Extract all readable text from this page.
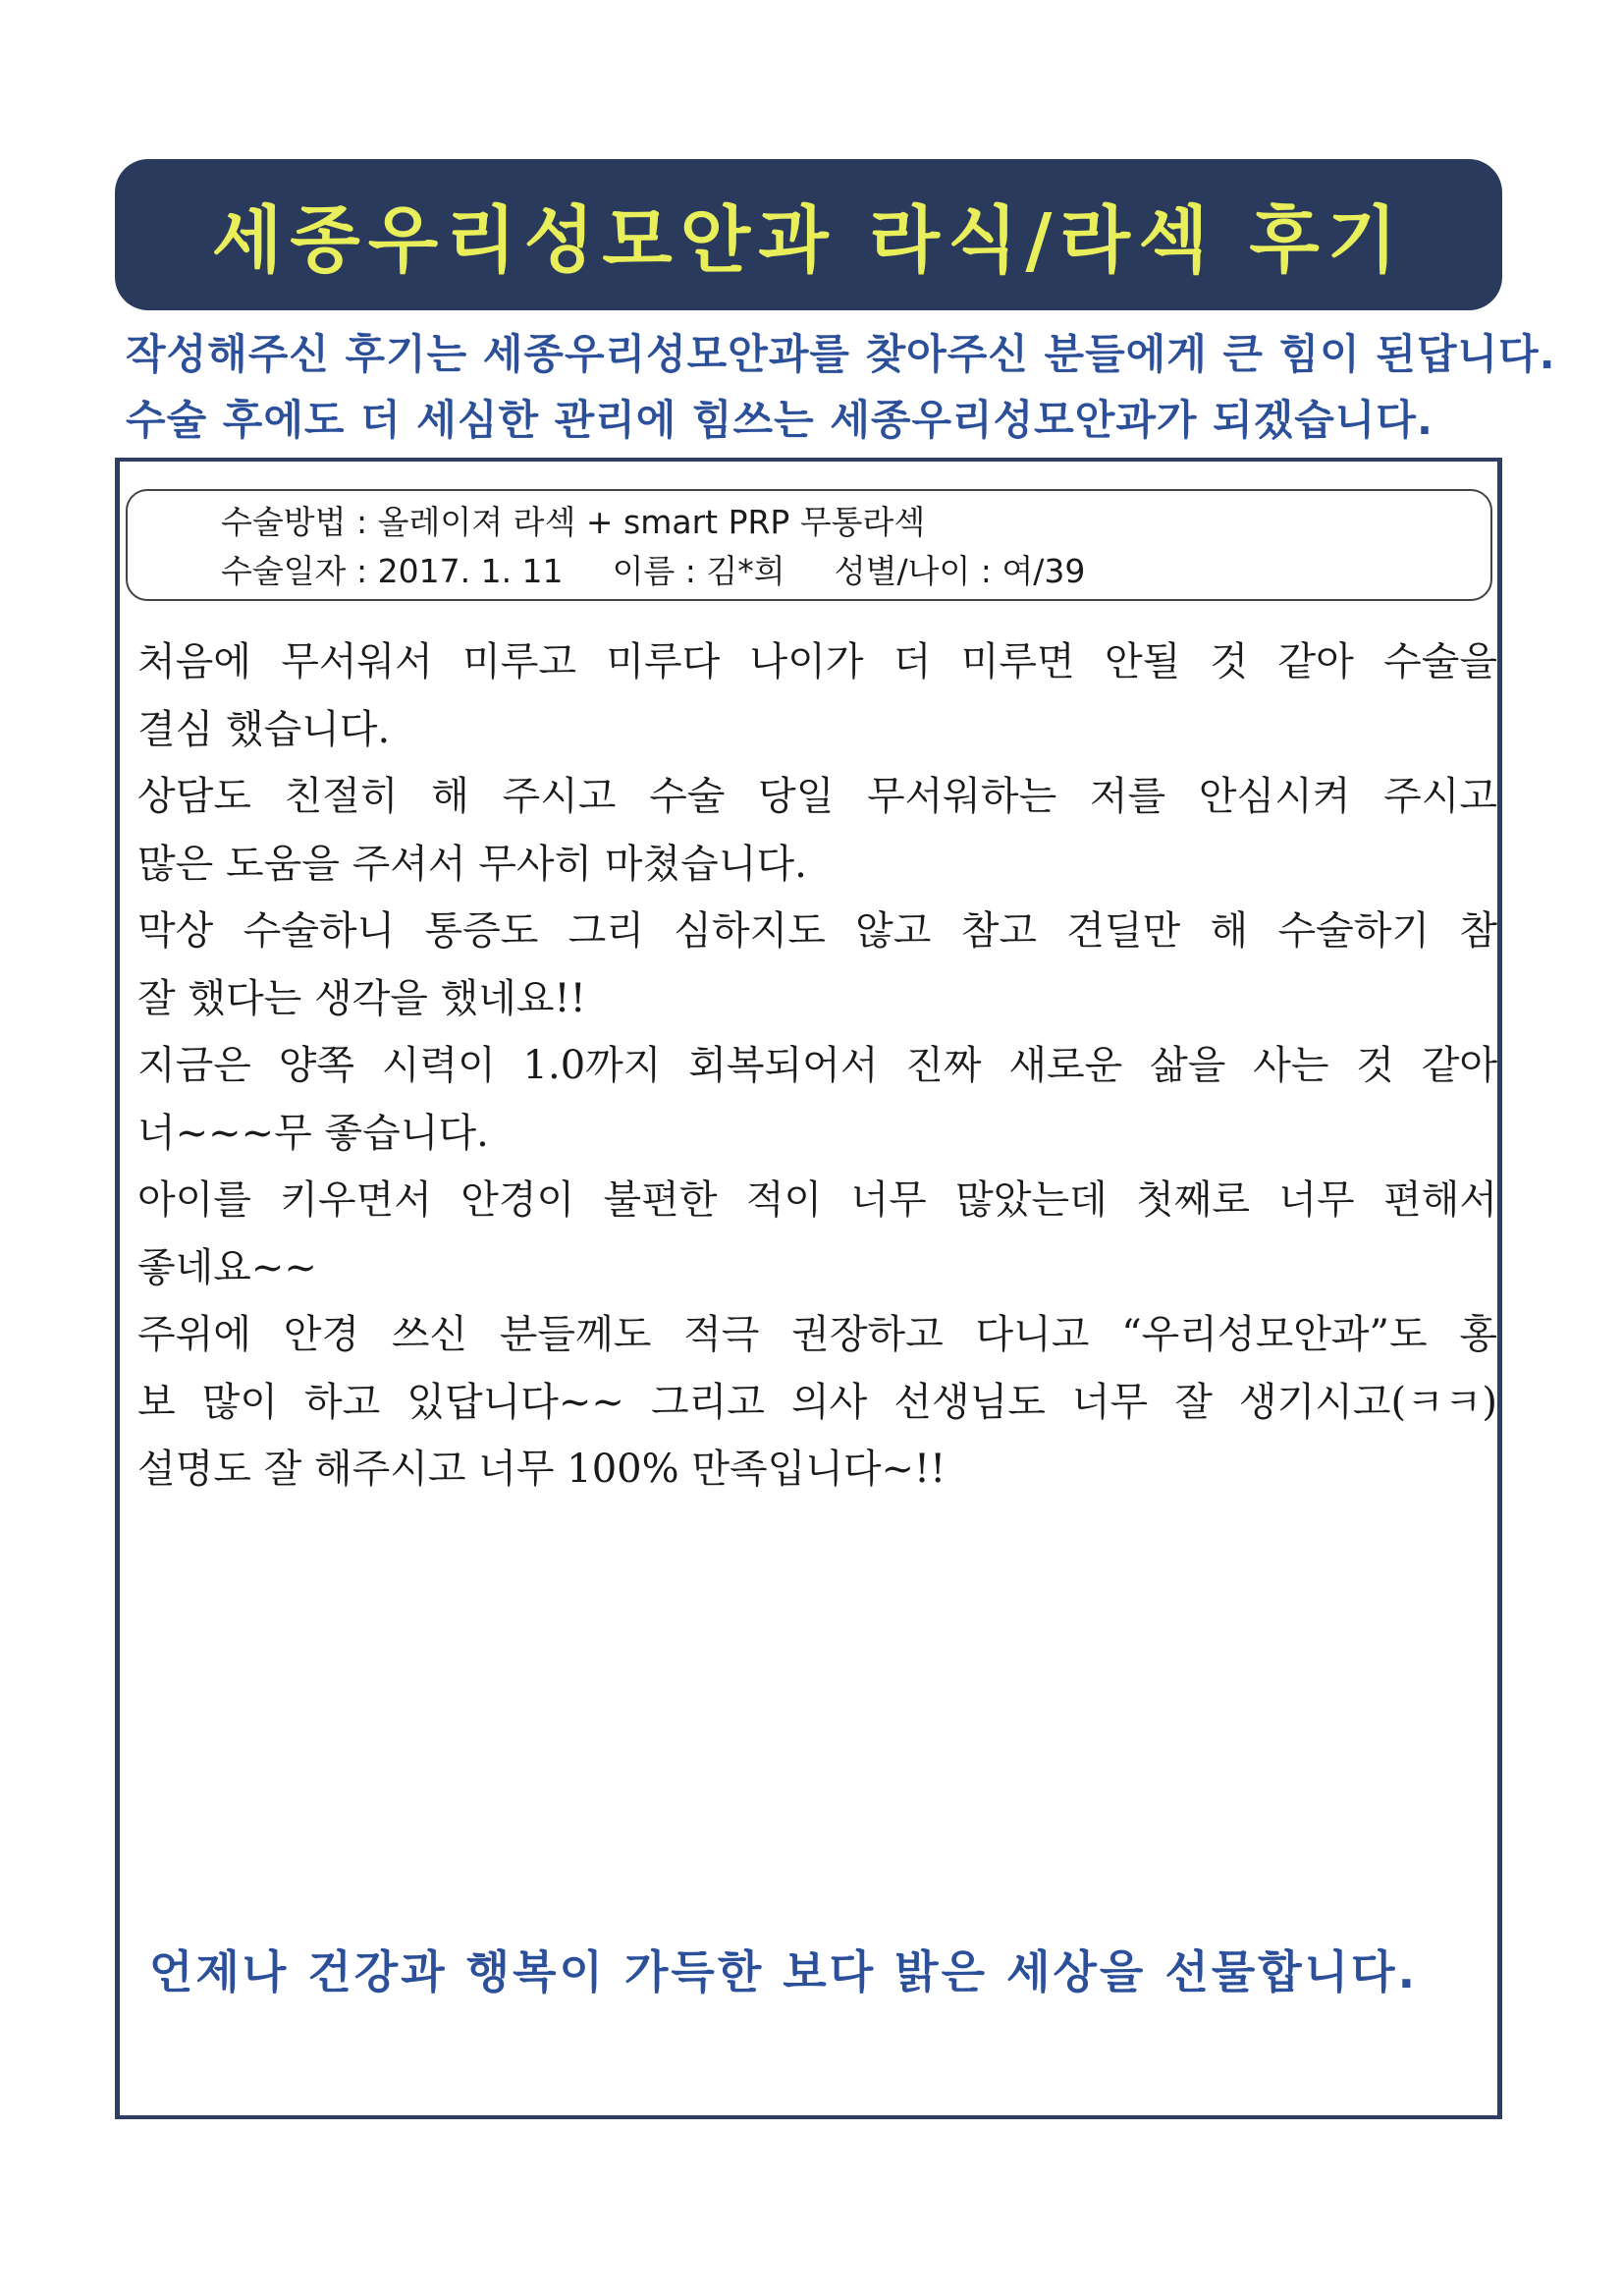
세종우리성모안과 라식/라섹 후기
작성해주신 후기는 세종우리성모안과를 찾아주신 분들에게 큰 힘이 된답니다.
수술 후에도 더 세심한 관리에 힘쓰는 세종우리성모안과가 되겠습니다.
수술방법 : 올레이져 라섹 + smart PRP 무통라섹
수술일자 : 2017. 1. 11 이름 : 김*희 성별/나이 : 여/39
처음에 무서워서 미루고 미루다 나이가 더 미루면 안될 것 같아 수술을
결심 했습니다.
상담도 친절히 해 주시고 수술 당일 무서워하는 저를 안심시켜 주시고
많은 도움을 주셔서 무사히 마쳤습니다.
막상 수술하니 통증도 그리 심하지도 않고 참고 견딜만 해 수술하기 참
잘 했다는 생각을 했네요!!
지금은 양쪽 시력이 1.0까지 회복되어서 진짜 새로운 삶을 사는 것 같아
너~~~무 좋습니다.
아이를 키우면서 안경이 불편한 적이 너무 많았는데 첫째로 너무 편해서
좋네요~~
주위에 안경 쓰신 분들께도 적극 권장하고 다니고 “우리성모안과”도 홍
보 많이 하고 있답니다~~ 그리고 의사 선생님도 너무 잘 생기시고(ㅋㅋ)
설명도 잘 해주시고 너무 100% 만족입니다~!!
언제나 건강과 행복이 가득한 보다 밝은 세상을 선물합니다.
